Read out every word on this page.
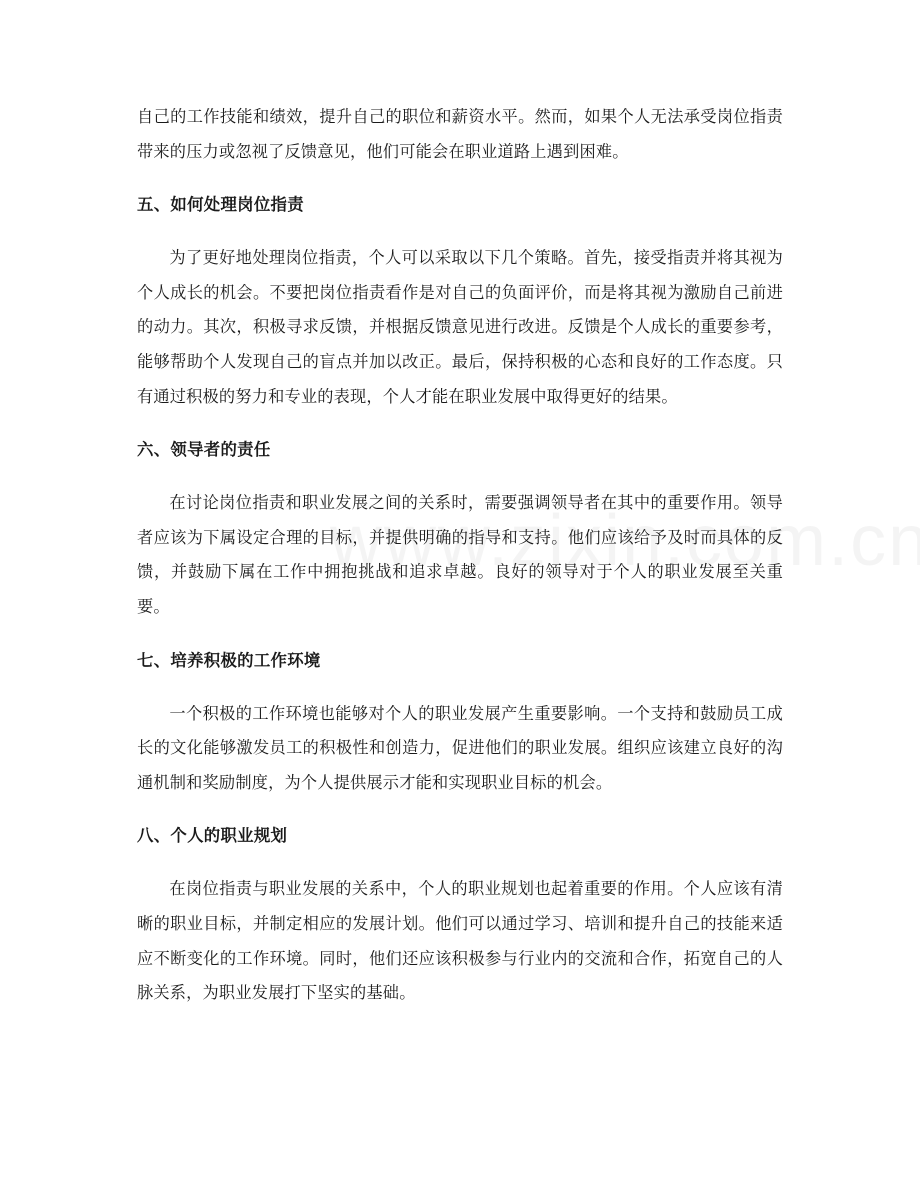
自己的工作技能和绩效，提升自己的职位和薪资水平。然而，如果个人无法承受岗位指责带来的压力或忽视了反馈意见，他们可能会在职业道路上遇到困难。

五、如何处理岗位指责

为了更好地处理岗位指责，个人可以采取以下几个策略。首先，接受指责并将其视为个人成长的机会。不要把岗位指责看作是对自己的负面评价，而是将其视为激励自己前进的动力。其次，积极寻求反馈，并根据反馈意见进行改进。反馈是个人成长的重要参考，能够帮助个人发现自己的盲点并加以改正。最后，保持积极的心态和良好的工作态度。只有通过积极的努力和专业的表现，个人才能在职业发展中取得更好的结果。

六、领导者的责任

在讨论岗位指责和职业发展之间的关系时，需要强调领导者在其中的重要作用。领导者应该为下属设定合理的目标，并提供明确的指导和支持。他们应该给予及时而具体的反馈，并鼓励下属在工作中拥抱挑战和追求卓越。良好的领导对于个人的职业发展至关重要。

七、培养积极的工作环境

一个积极的工作环境也能够对个人的职业发展产生重要影响。一个支持和鼓励员工成长的文化能够激发员工的积极性和创造力，促进他们的职业发展。组织应该建立良好的沟通机制和奖励制度，为个人提供展示才能和实现职业目标的机会。

八、个人的职业规划

在岗位指责与职业发展的关系中，个人的职业规划也起着重要的作用。个人应该有清晰的职业目标，并制定相应的发展计划。他们可以通过学习、培训和提升自己的技能来适应不断变化的工作环境。同时，他们还应该积极参与行业内的交流和合作，拓宽自己的人脉关系，为职业发展打下坚实的基础。
